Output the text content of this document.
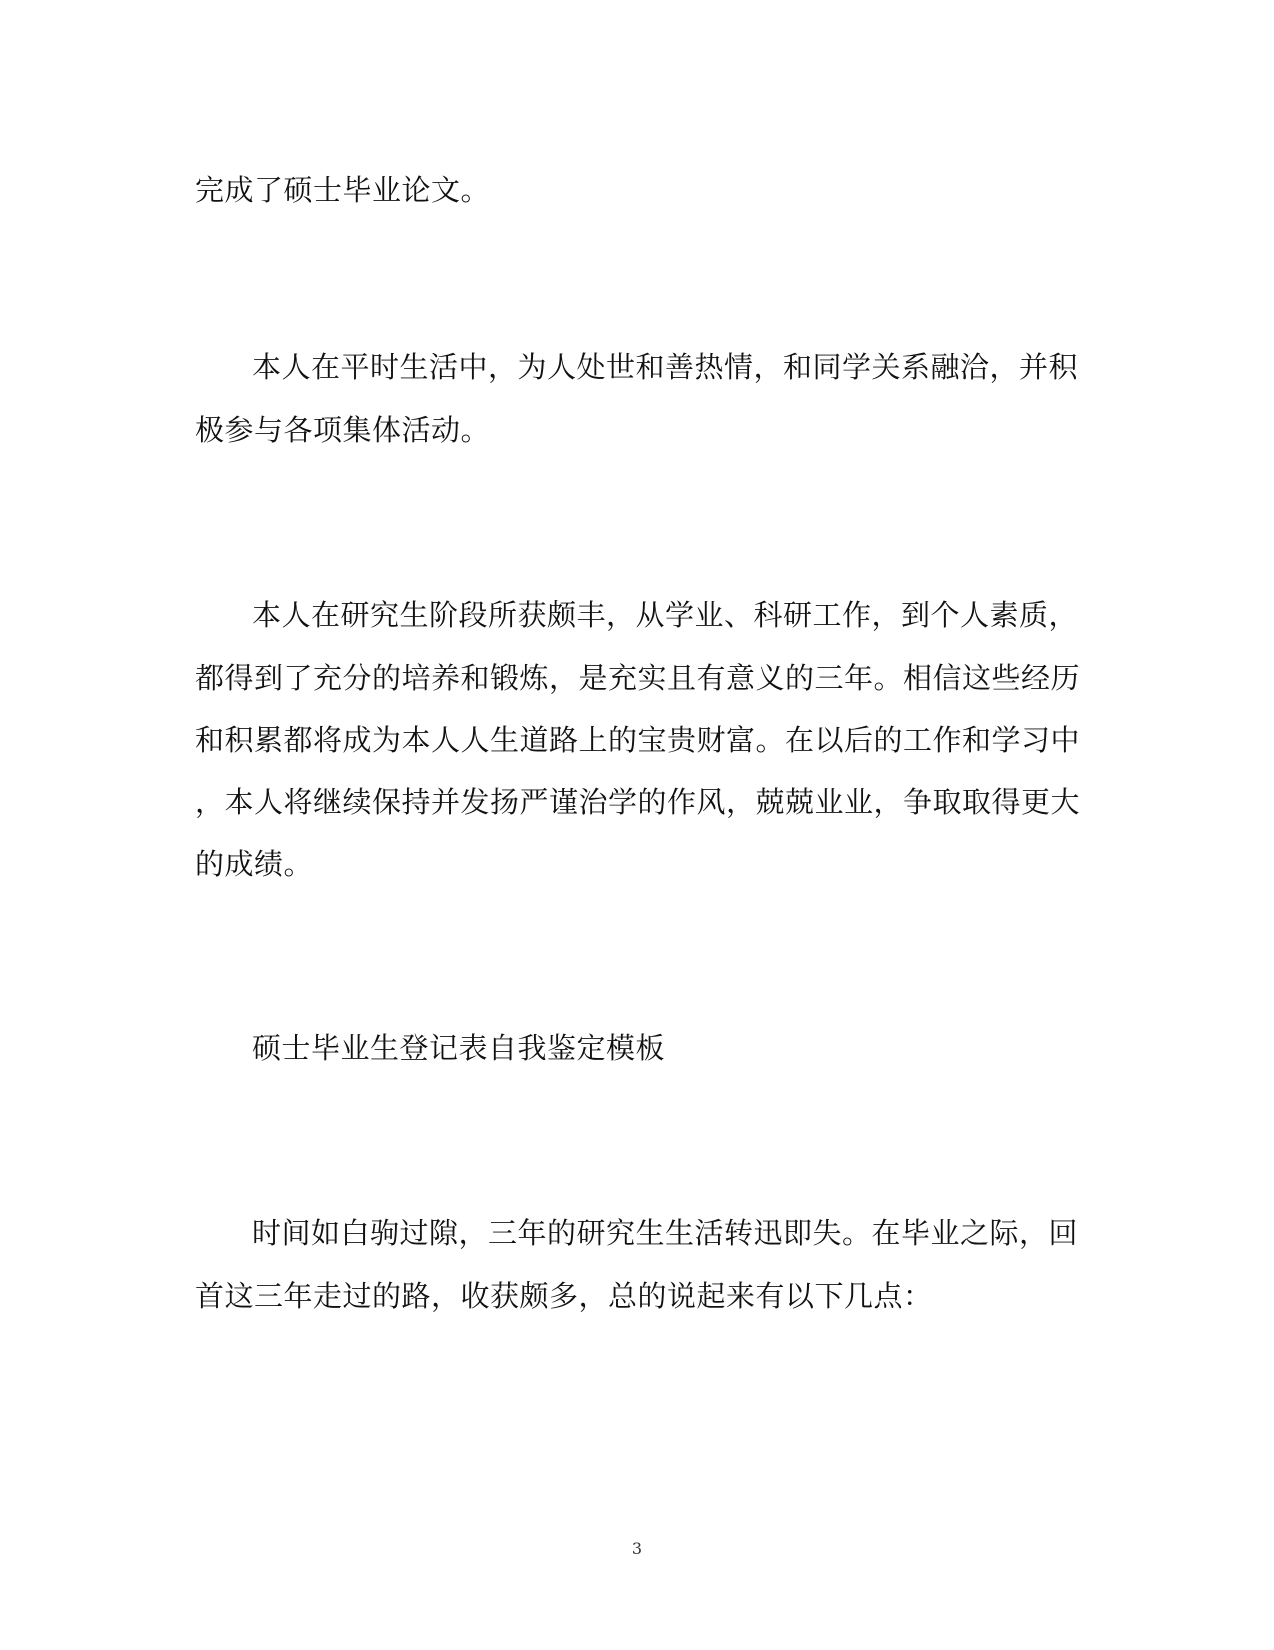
完成了硕士毕业论文。
本人在平时生活中，为人处世和善热情，和同学关系融洽，并积
极参与各项集体活动。
本人在研究生阶段所获颇丰，从学业、科研工作，到个人素质，
都得到了充分的培养和锻炼，是充实且有意义的三年。相信这些经历
和积累都将成为本人人生道路上的宝贵财富。在以后的工作和学习中
，本人将继续保持并发扬严谨治学的作风，兢兢业业，争取取得更大
的成绩。
硕士毕业生登记表自我鉴定模板
时间如白驹过隙，三年的研究生生活转迅即失。在毕业之际，回
首这三年走过的路，收获颇多，总的说起来有以下几点：
3
